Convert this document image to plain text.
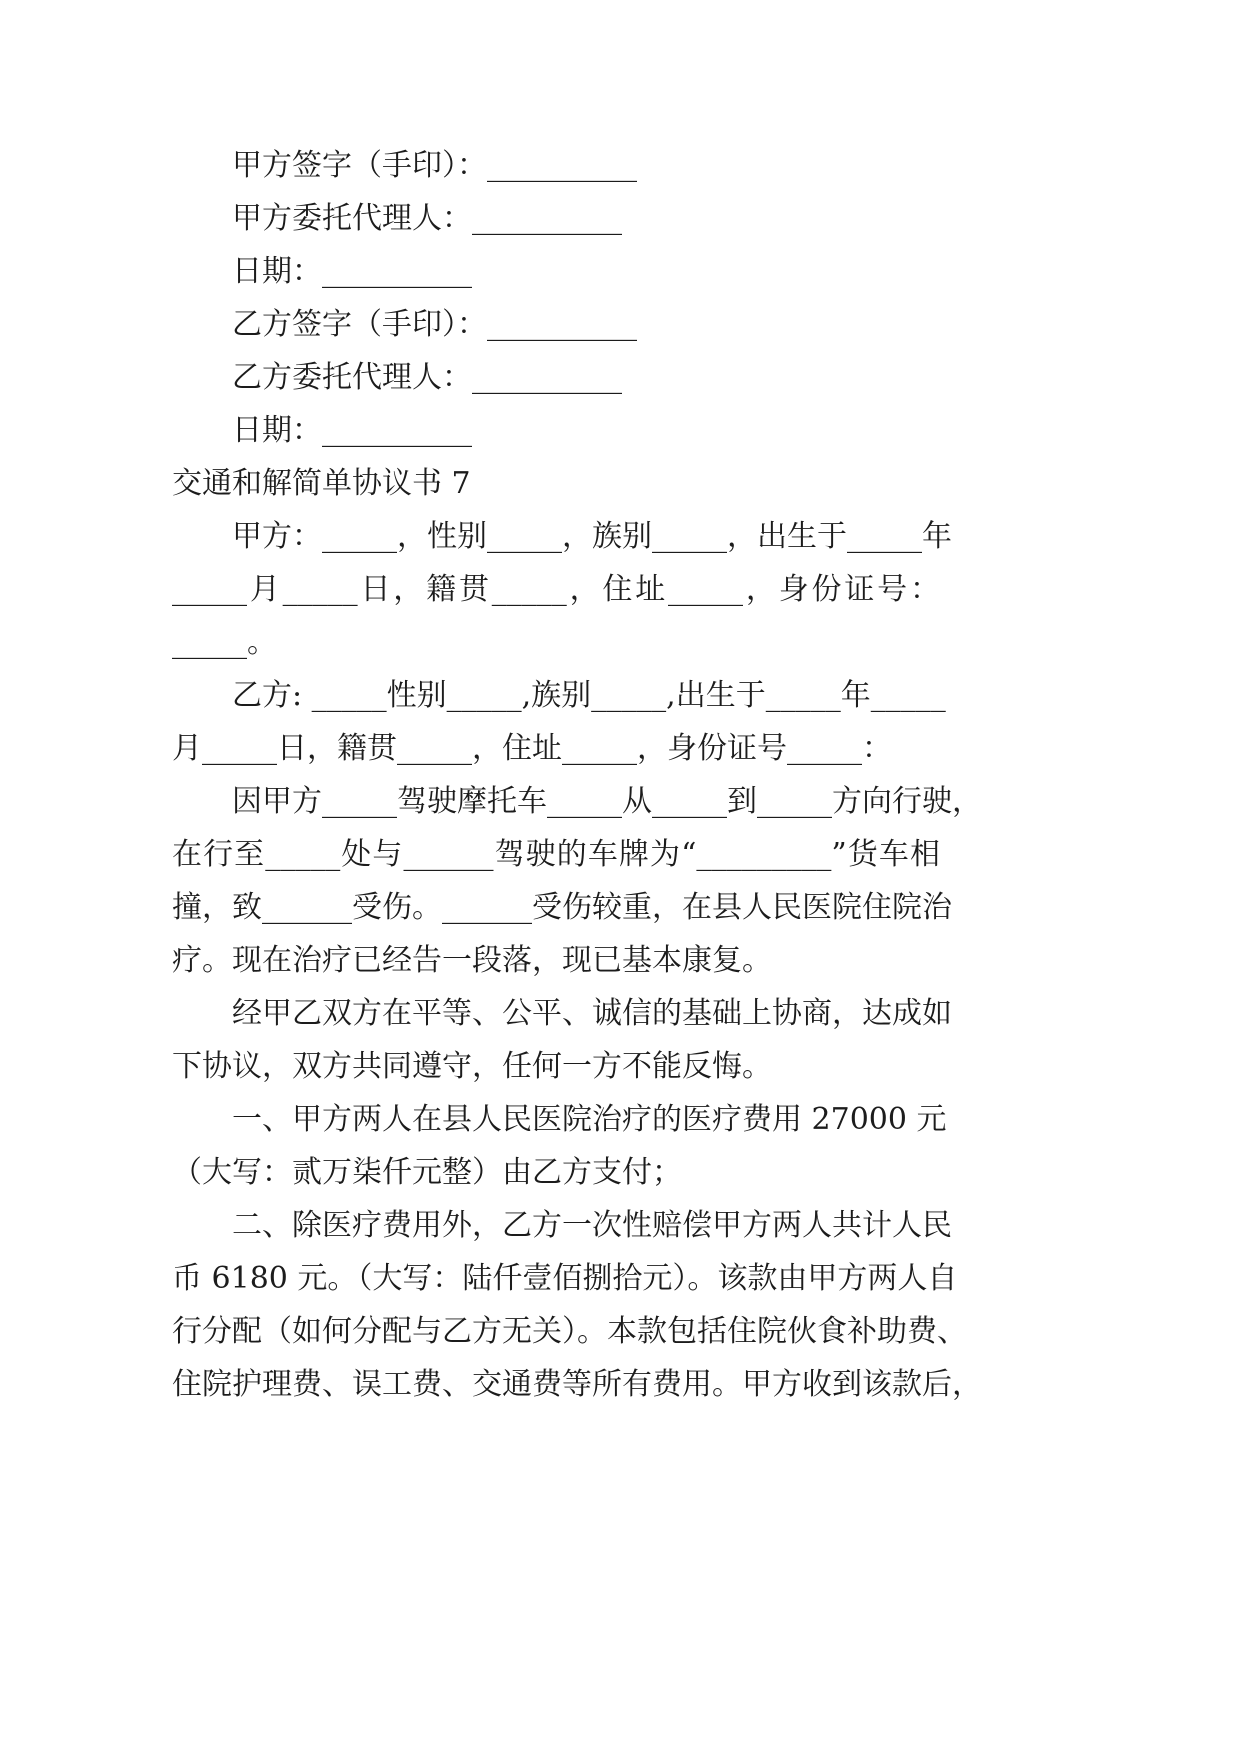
甲方签字（手印）：__________
甲方委托代理人：__________
日期：__________
乙方签字（手印）：__________
乙方委托代理人：__________
日期：__________
交通和解简单协议书 7
甲方：_____，性别_____，族别_____，出生于_____年
_____月_____日，籍贯_____，住址_____，身份证号：
_____。
乙方: _____性别_____,族别_____,出生于_____年_____
月_____日，籍贯_____，住址_____，身份证号_____：
因甲方_____驾驶摩托车_____从_____到_____方向行驶，
在行至_____处与______驾驶的车牌为“_________”货车相
撞，致______受伤。______受伤较重，在县人民医院住院治
疗。现在治疗已经告一段落，现已基本康复。
经甲乙双方在平等、公平、诚信的基础上协商，达成如
下协议，双方共同遵守，任何一方不能反悔。
一、甲方两人在县人民医院治疗的医疗费用 27000 元
（大写：贰万柒仟元整）由乙方支付；
二、除医疗费用外，乙方一次性赔偿甲方两人共计人民
币 6180 元。（大写：陆仟壹佰捌拾元）。该款由甲方两人自
行分配（如何分配与乙方无关）。本款包括住院伙食补助费、
住院护理费、误工费、交通费等所有费用。甲方收到该款后，
